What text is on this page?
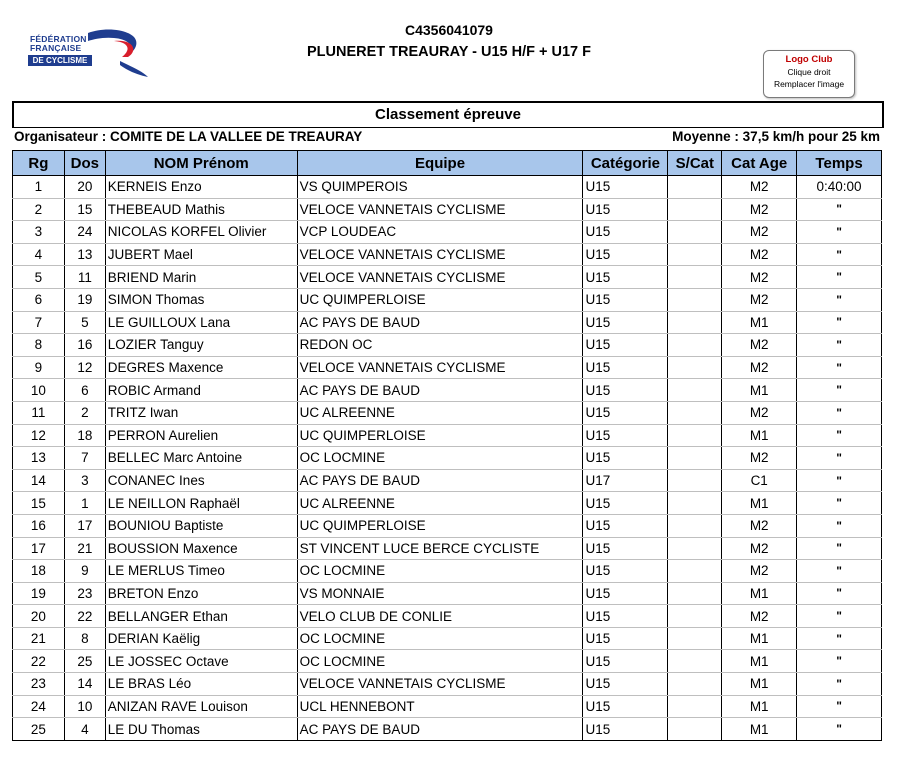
FÉDÉRATION
FRANÇAISE
DE CYCLISME
C4356041079
PLUNERET TREAURAY - U15 H/F + U17 F	Logo Club
Clique droit
Remplacer l'image
Classement épreuve
Organisateur : COMITE DE LA VALLEE DE TREAURAY	Moyenne : 37,5 km/h pour 25 km
Rg	Dos	NOM Prénom	Equipe	Catégorie	S/Cat	Cat Age	Temps
1	20	KERNEIS Enzo	VS QUIMPEROIS	U15		M2	0:40:00
2	15	THEBEAUD Mathis	VELOCE VANNETAIS CYCLISME	U15		M2	"
3	24	NICOLAS KORFEL Olivier	VCP LOUDEAC	U15		M2	"
4	13	JUBERT Mael	VELOCE VANNETAIS CYCLISME	U15		M2	"
5	11	BRIEND Marin	VELOCE VANNETAIS CYCLISME	U15		M2	"
6	19	SIMON Thomas	UC QUIMPERLOISE	U15		M2	"
7	5	LE GUILLOUX Lana	AC PAYS DE BAUD	U15		M1	"
8	16	LOZIER Tanguy	REDON OC	U15		M2	"
9	12	DEGRES Maxence	VELOCE VANNETAIS CYCLISME	U15		M2	"
10	6	ROBIC Armand	AC PAYS DE BAUD	U15		M1	"
11	2	TRITZ Iwan	UC ALREENNE	U15		M2	"
12	18	PERRON Aurelien	UC QUIMPERLOISE	U15		M1	"
13	7	BELLEC Marc Antoine	OC LOCMINE	U15		M2	"
14	3	CONANEC Ines	AC PAYS DE BAUD	U17		C1	"
15	1	LE NEILLON Raphaël	UC ALREENNE	U15		M1	"
16	17	BOUNIOU Baptiste	UC QUIMPERLOISE	U15		M2	"
17	21	BOUSSION Maxence	ST VINCENT LUCE BERCE CYCLISTE	U15		M2	"
18	9	LE MERLUS Timeo	OC LOCMINE	U15		M2	"
19	23	BRETON Enzo	VS MONNAIE	U15		M1	"
20	22	BELLANGER Ethan	VELO CLUB DE CONLIE	U15		M2	"
21	8	DERIAN Kaëlig	OC LOCMINE	U15		M1	"
22	25	LE JOSSEC Octave	OC LOCMINE	U15		M1	"
23	14	LE BRAS Léo	VELOCE VANNETAIS CYCLISME	U15		M1	"
24	10	ANIZAN RAVE Louison	UCL HENNEBONT	U15		M1	"
25	4	LE DU Thomas	AC PAYS DE BAUD	U15		M1	"
